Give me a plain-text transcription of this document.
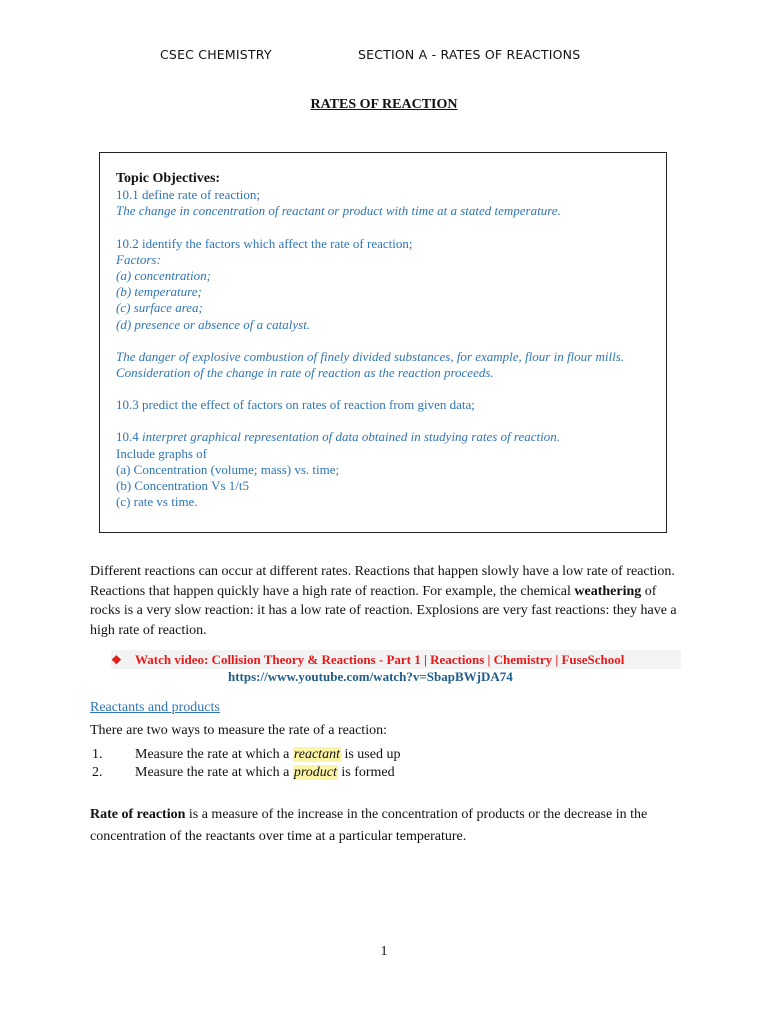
CSEC CHEMISTRY	SECTION A - RATES OF REACTIONS
RATES OF REACTION
Topic Objectives:
10.1 define rate of reaction;
The change in concentration of reactant or product with time at a stated temperature.
10.2 identify the factors which affect the rate of reaction;
Factors:
(a) concentration;
(b) temperature;
(c) surface area;
(d) presence or absence of a catalyst.
The danger of explosive combustion of finely divided substances, for example, flour in flour mills.
Consideration of the change in rate of reaction as the reaction proceeds.
10.3 predict the effect of factors on rates of reaction from given data;
10.4 interpret graphical representation of data obtained in studying rates of reaction.
Include graphs of
(a) Concentration (volume; mass) vs. time;
(b) Concentration Vs 1/t5
(c) rate vs time.
Different reactions can occur at different rates. Reactions that happen slowly have a low rate of reaction. Reactions that happen quickly have a high rate of reaction. For example, the chemical weathering of rocks is a very slow reaction: it has a low rate of reaction. Explosions are very fast reactions: they have a high rate of reaction.
❖ Watch video: Collision Theory & Reactions - Part 1 | Reactions | Chemistry | FuseSchool
https://www.youtube.com/watch?v=SbapBWjDA74
Reactants and products
There are two ways to measure the rate of a reaction:
1. Measure the rate at which a reactant is used up
2. Measure the rate at which a product is formed
Rate of reaction is a measure of the increase in the concentration of products or the decrease in the concentration of the reactants over time at a particular temperature.
1
